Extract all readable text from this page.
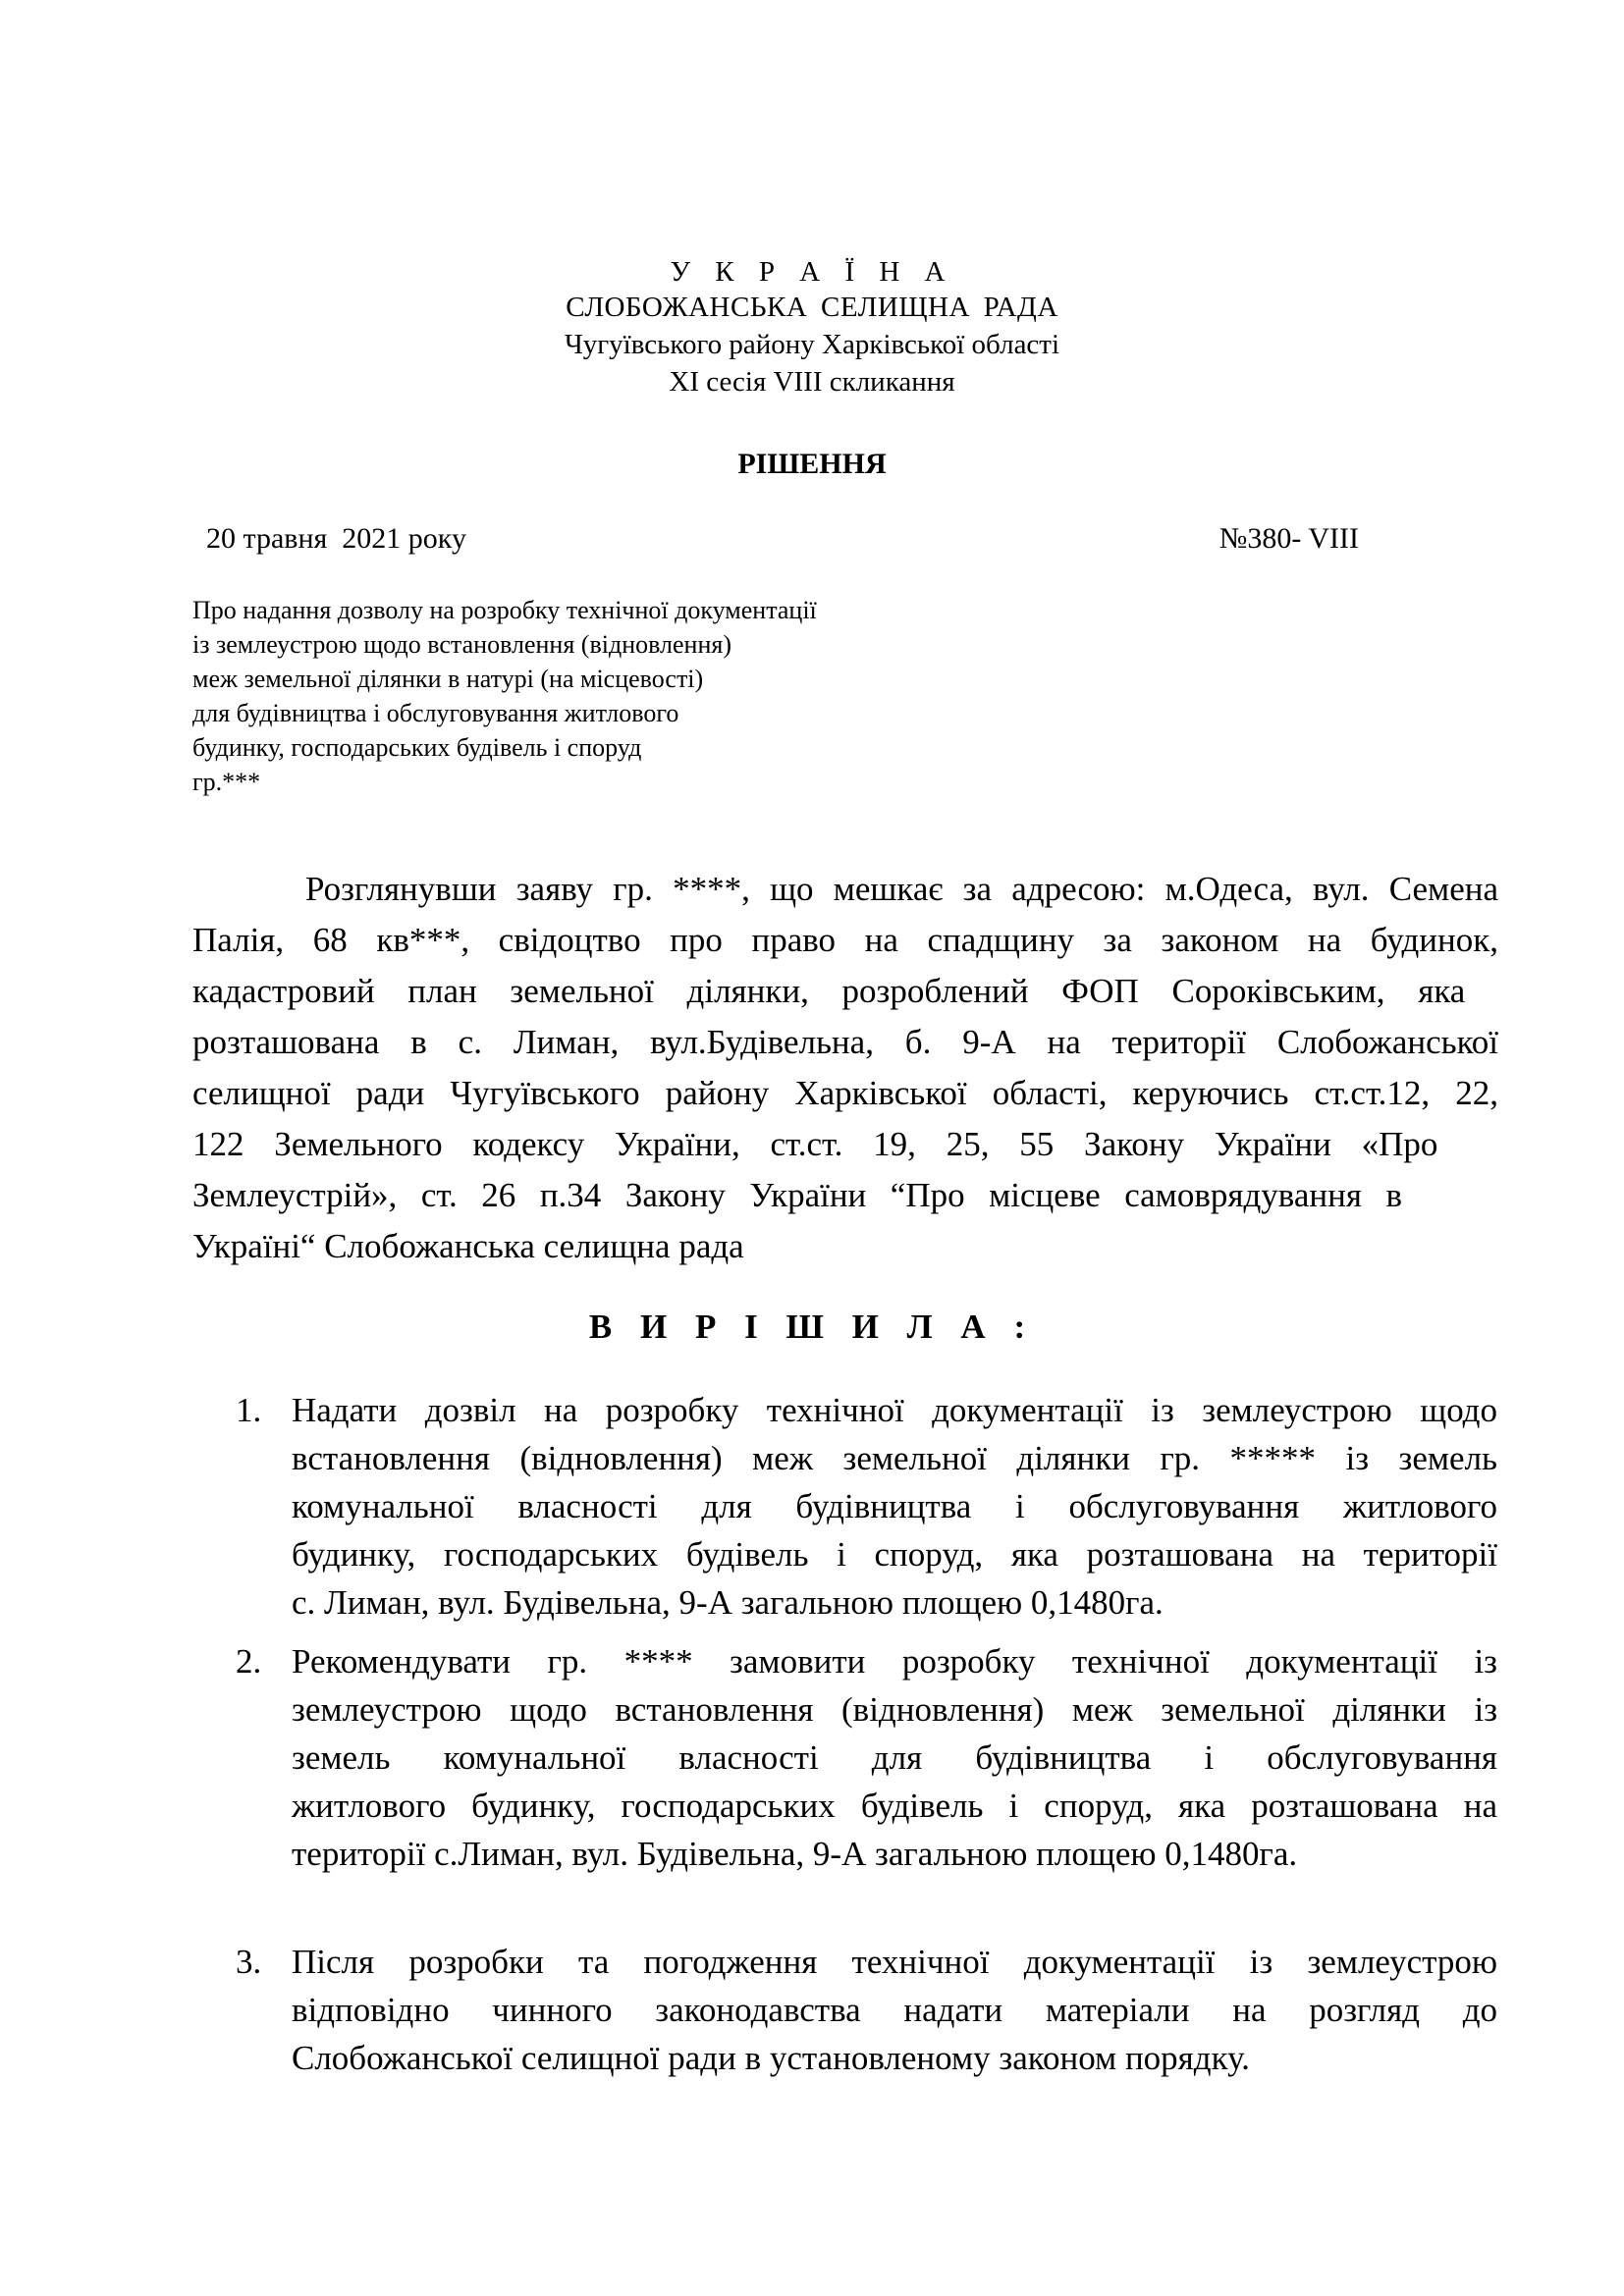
У К Р А Ї Н А
СЛОБОЖАНСЬКА СЕЛИЩНА РАДА
Чугуївського району Харківської області
XI сесія VIII скликання
РІШЕННЯ
20 травня  2021 року	№380- VIII
Про надання дозволу на розробку технічної документації
із землеустрою щодо встановлення (відновлення)
меж земельної ділянки в натурі (на місцевості)
для будівництва і обслуговування житлового
будинку, господарських будівель і споруд
гр.***
Розглянувши заяву гр. ****, що мешкає за адресою: м.Одеса, вул. Семена
Палія, 68 кв***, свідоцтво про право на спадщину за законом на будинок,
кадастровий план земельної ділянки, розроблений ФОП Сороківським, яка
розташована в с. Лиман, вул.Будівельна, б. 9-А на території Слобожанської
селищної ради Чугуївського району Харківської області, керуючись ст.ст.12, 22,
122 Земельного кодексу України, ст.ст. 19, 25, 55 Закону України «Про
Землеустрій», ст. 26 п.34 Закону України “Про місцеве самоврядування в
Україні“ Слобожанська селищна рада
В И Р І Ш И Л А :
1. Надати дозвіл на розробку технічної документації із землеустрою щодо
встановлення (відновлення) меж земельної ділянки гр. ***** із земель
комунальної власності для будівництва і обслуговування житлового
будинку, господарських будівель і споруд, яка розташована на території
с. Лиман, вул. Будівельна, 9-А загальною площею 0,1480га.
2. Рекомендувати гр. **** замовити розробку технічної документації із
землеустрою щодо встановлення (відновлення) меж земельної ділянки із
земель комунальної власності для будівництва і обслуговування
житлового будинку, господарських будівель і споруд, яка розташована на
території с.Лиман, вул. Будівельна, 9-А загальною площею 0,1480га.
3. Після розробки та погодження технічної документації із землеустрою
відповідно чинного законодавства надати матеріали на розгляд до
Слобожанської селищної ради в установленому законом порядку.
